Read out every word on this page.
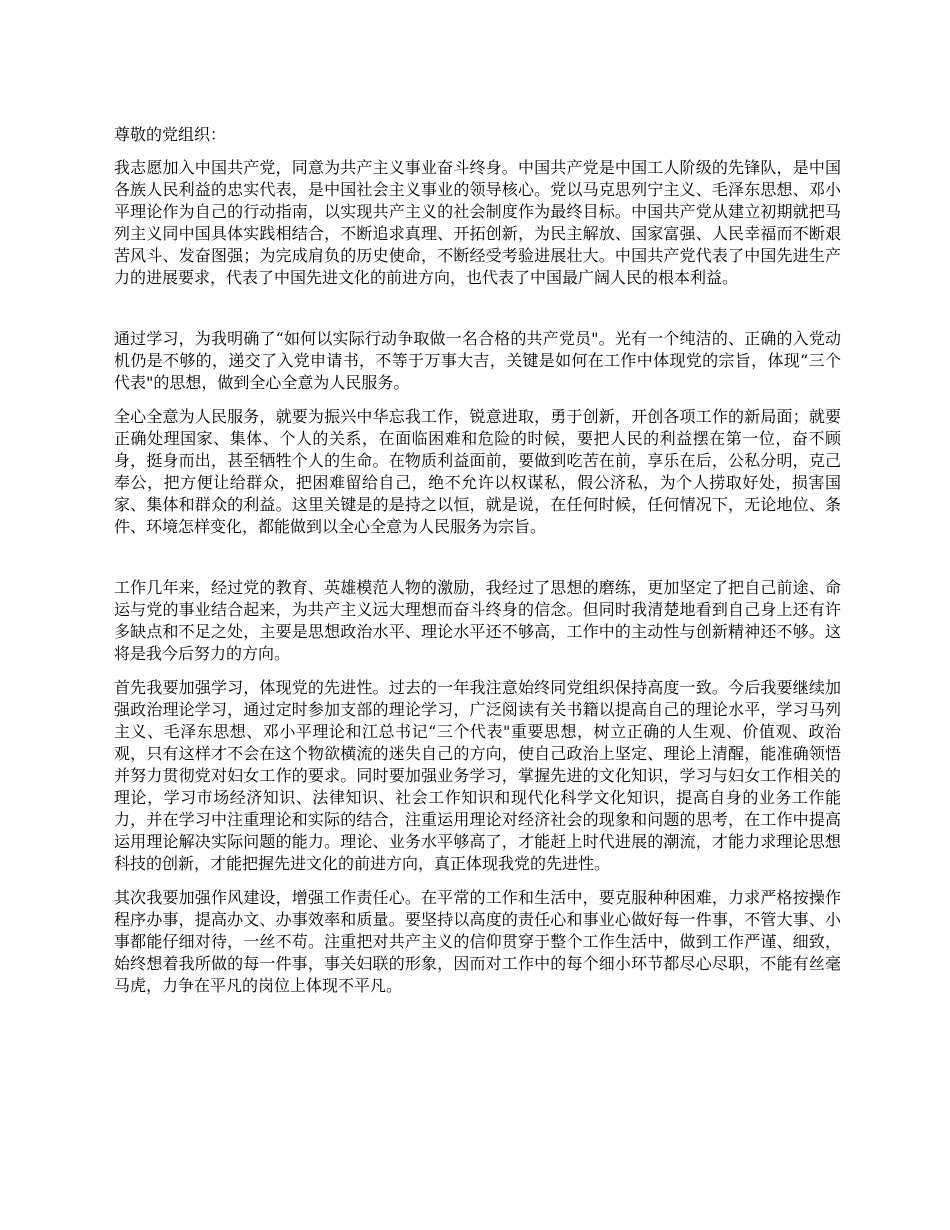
尊敬的党组织：

我志愿加入中国共产党，同意为共产主义事业奋斗终身。中国共产党是中国工人阶级的先锋队，是中国各族人民利益的忠实代表，是中国社会主义事业的领导核心。党以马克思列宁主义、毛泽东思想、邓小平理论作为自己的行动指南，以实现共产主义的社会制度作为最终目标。中国共产党从建立初期就把马列主义同中国具体实践相结合，不断追求真理、开拓创新，为民主解放、国家富强、人民幸福而不断艰苦风斗、发奋图强；为完成肩负的历史使命，不断经受考验进展壮大。中国共产党代表了中国先进生产力的进展要求，代表了中国先进文化的前进方向，也代表了中国最广阔人民的根本利益。

通过学习，为我明确了“如何以实际行动争取做一名合格的共产党员"。光有一个纯洁的、正确的入党动机仍是不够的，递交了入党申请书，不等于万事大吉，关键是如何在工作中体现党的宗旨，体现“三个代表"的思想，做到全心全意为人民服务。

全心全意为人民服务，就要为振兴中华忘我工作，锐意进取，勇于创新，开创各项工作的新局面；就要正确处理国家、集体、个人的关系，在面临困难和危险的时候，要把人民的利益摆在第一位，奋不顾身，挺身而出，甚至牺牲个人的生命。在物质利益面前，要做到吃苦在前，享乐在后，公私分明，克己奉公，把方便让给群众，把困难留给自己，绝不允许以权谋私，假公济私，为个人捞取好处，损害国家、集体和群众的利益。这里关键是的是持之以恒，就是说，在任何时候，任何情况下，无论地位、条件、环境怎样变化，都能做到以全心全意为人民服务为宗旨。

工作几年来，经过党的教育、英雄模范人物的激励，我经过了思想的磨练，更加坚定了把自己前途、命运与党的事业结合起来，为共产主义远大理想而奋斗终身的信念。但同时我清楚地看到自己身上还有许多缺点和不足之处，主要是思想政治水平、理论水平还不够高，工作中的主动性与创新精神还不够。这将是我今后努力的方向。

首先我要加强学习，体现党的先进性。过去的一年我注意始终同党组织保持高度一致。今后我要继续加强政治理论学习，通过定时参加支部的理论学习，广泛阅读有关书籍以提高自己的理论水平，学习马列主义、毛泽东思想、邓小平理论和江总书记“三个代表"重要思想，树立正确的人生观、价值观、政治观，只有这样才不会在这个物欲横流的迷失自己的方向，使自己政治上坚定、理论上清醒，能准确领悟并努力贯彻党对妇女工作的要求。同时要加强业务学习，掌握先进的文化知识，学习与妇女工作相关的理论，学习市场经济知识、法律知识、社会工作知识和现代化科学文化知识，提高自身的业务工作能力，并在学习中注重理论和实际的结合，注重运用理论对经济社会的现象和问题的思考，在工作中提高运用理论解决实际问题的能力。理论、业务水平够高了，才能赶上时代进展的潮流，才能力求理论思想科技的创新，才能把握先进文化的前进方向，真正体现我党的先进性。

其次我要加强作风建设，增强工作责任心。在平常的工作和生活中，要克服种种困难，力求严格按操作程序办事，提高办文、办事效率和质量。要坚持以高度的责任心和事业心做好每一件事，不管大事、小事都能仔细对待，一丝不苟。注重把对共产主义的信仰贯穿于整个工作生活中，做到工作严谨、细致，始终想着我所做的每一件事，事关妇联的形象，因而对工作中的每个细小环节都尽心尽职，不能有丝毫马虎，力争在平凡的岗位上体现不平凡。
